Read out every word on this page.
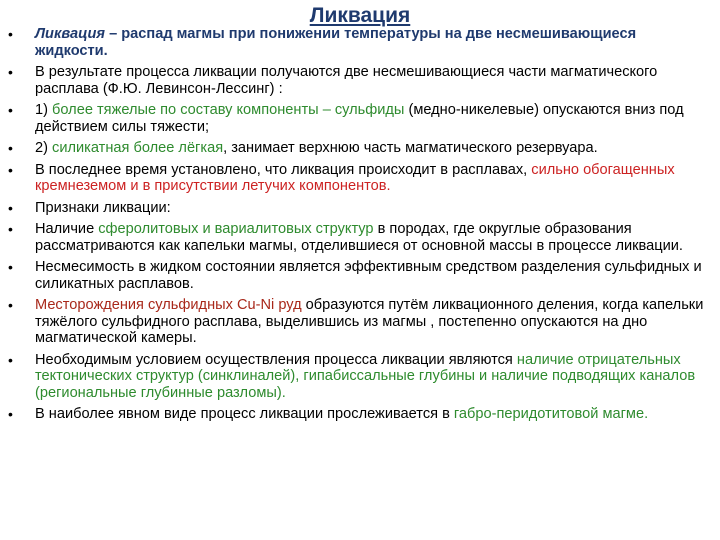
Ликвация
• Ликвация – распад магмы при понижении температуры на две несмешивающиеся жидкости.
• В результате процесса ликвации получаются две несмешивающиеся части магматического расплава (Ф.Ю. Левинсон-Лессинг) :
• 1) более тяжелые по составу компоненты – сульфиды (медно-никелевые) опускаются вниз под действием силы тяжести;
• 2) силикатная более лёгкая, занимает верхнюю часть магматического резервуара.
• В последнее время установлено, что ликвация происходит в расплавах, сильно обогащенных кремнеземом и в присутствии летучих компонентов.
• Признаки ликвации:
• Наличие сферолитовых и вариалитовых структур в породах, где округлые образования рассматриваются как капельки магмы, отделившиеся от основной массы в процессе ликвации.
• Несмесимость в жидком состоянии является эффективным средством разделения сульфидных и силикатных расплавов.
• Месторождения сульфидных Cu-Ni руд образуются путём ликвационного деления, когда капельки тяжёлого сульфидного расплава, выделившись из магмы , постепенно опускаются на дно магматической камеры.
• Необходимым условием осуществления процесса ликвации являются наличие отрицательных тектонических структур (синклиналей), гипабиссальные глубины и наличие подводящих каналов (региональные глубинные разломы).
• В наиболее явном виде процесс ликвации прослеживается в габро-перидотитовой магме.
